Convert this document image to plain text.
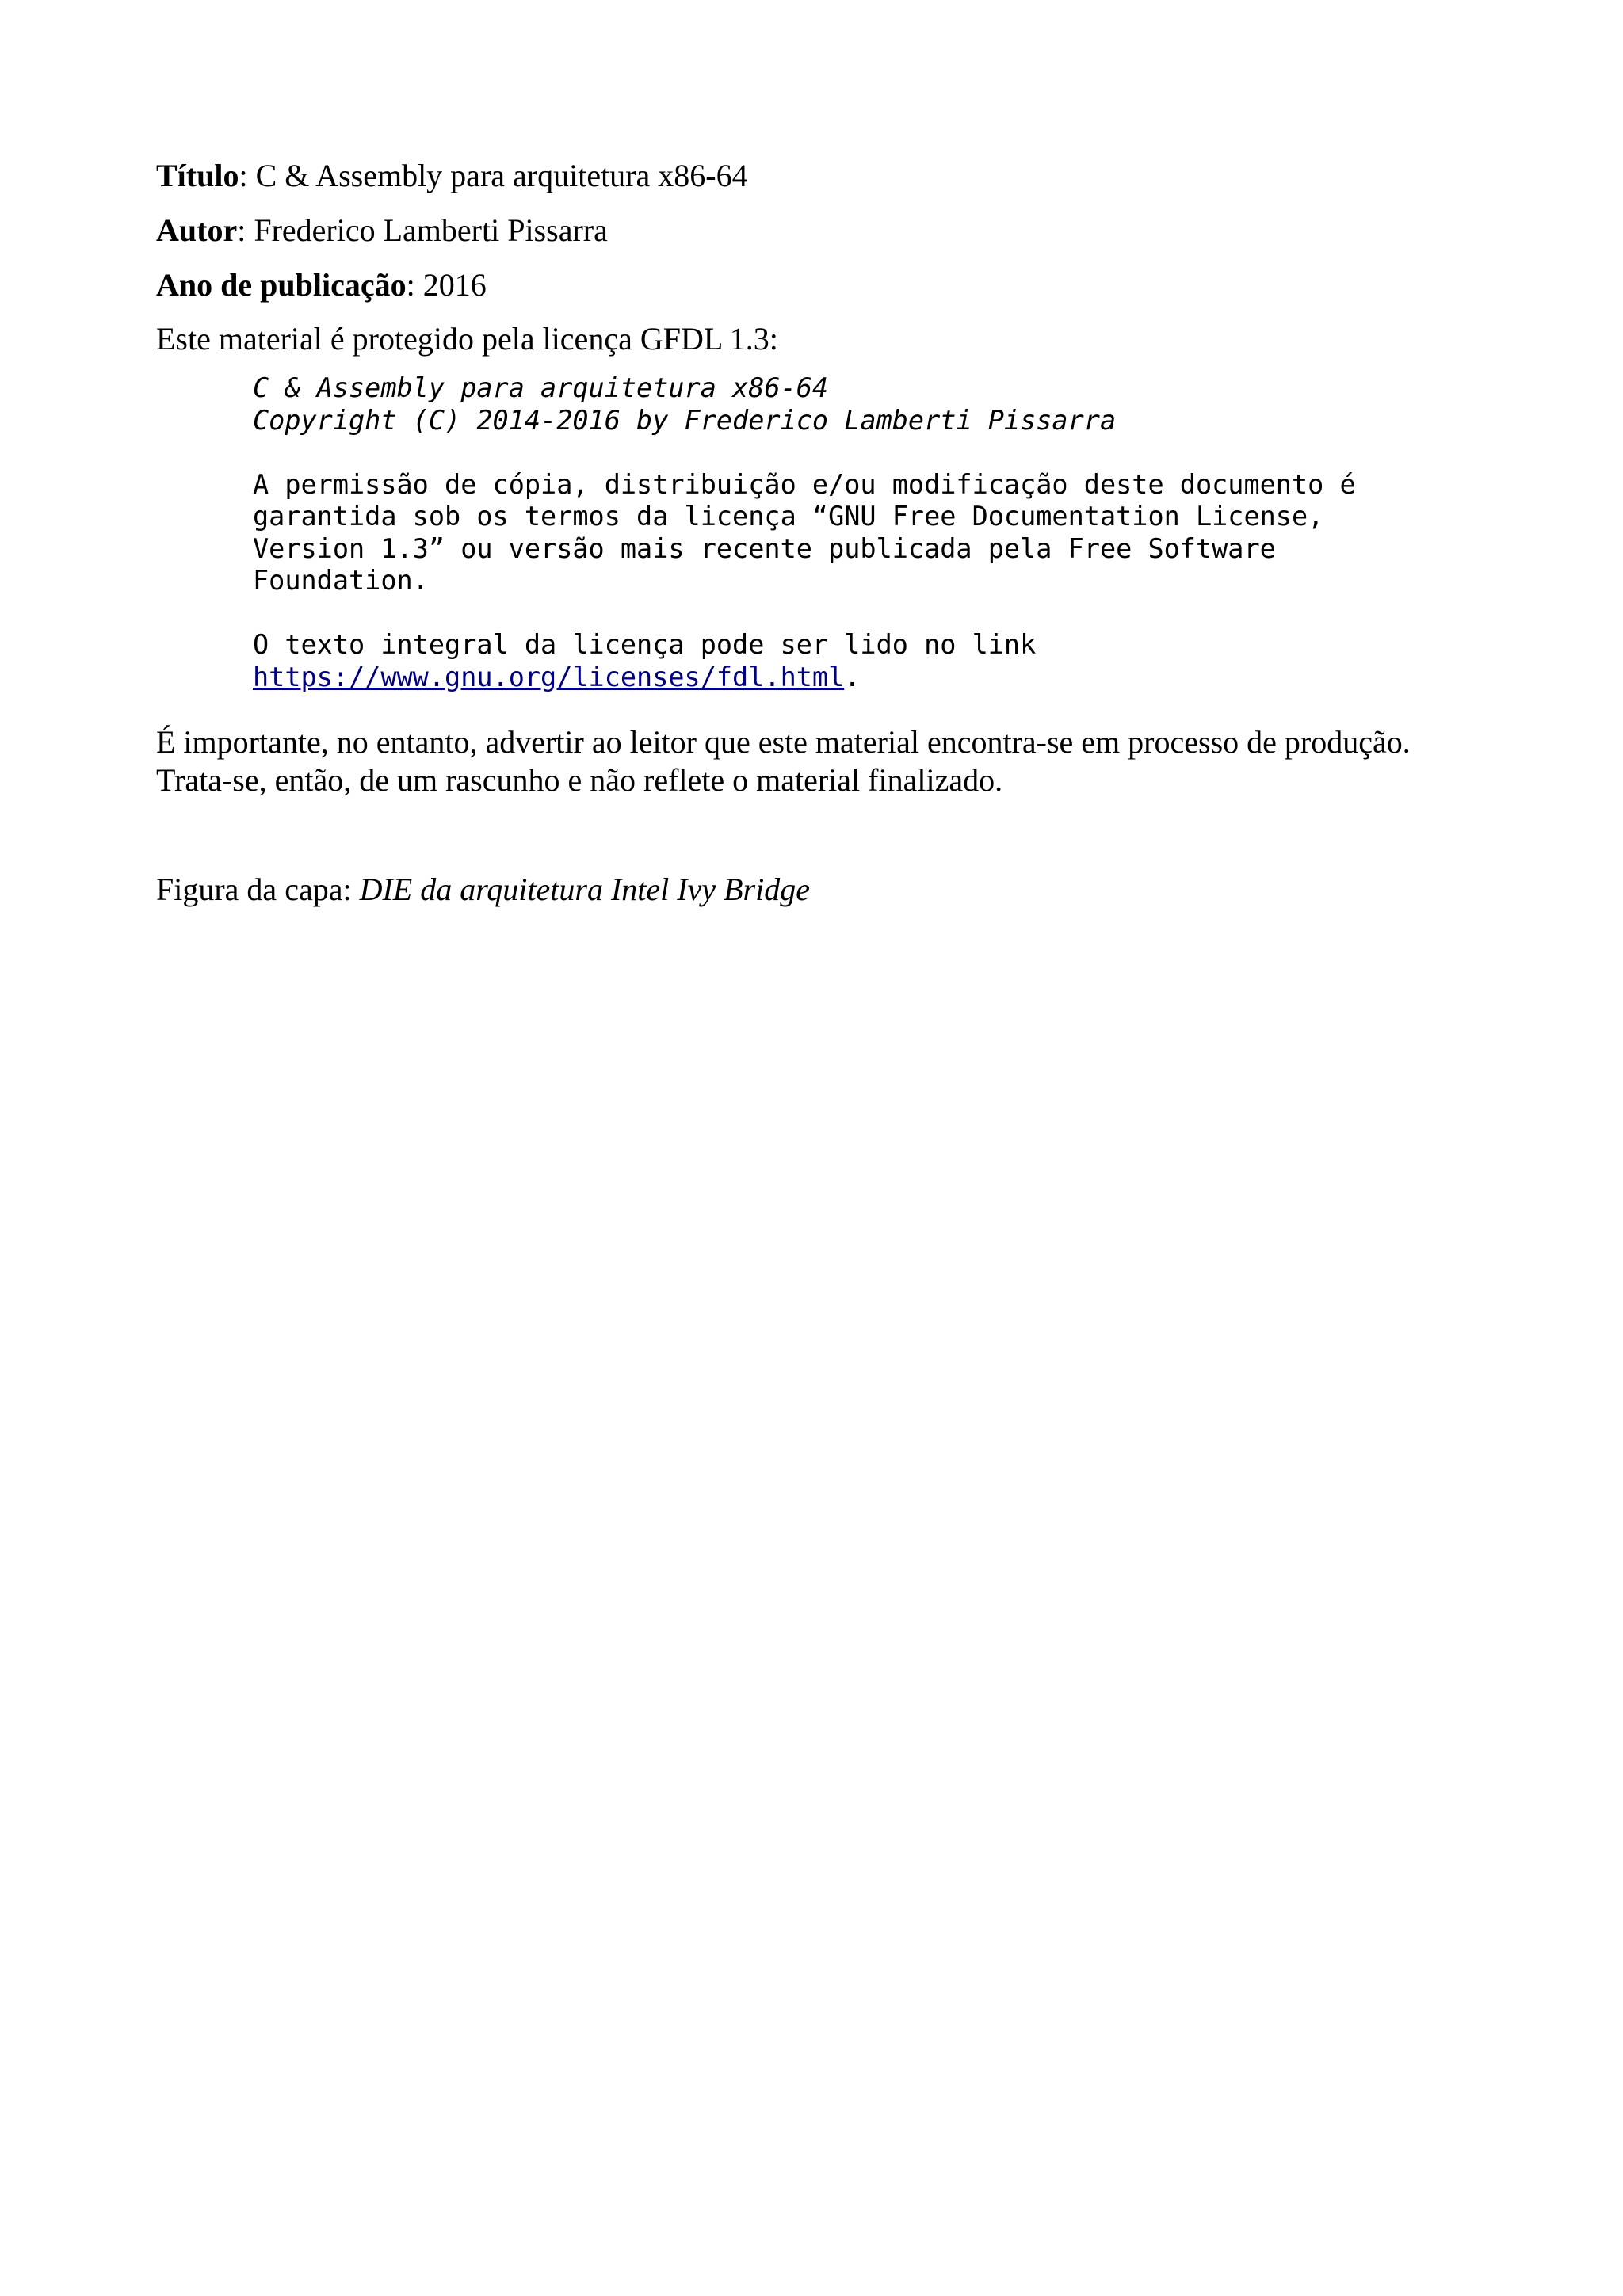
Título: C & Assembly para arquitetura x86-64
Autor: Frederico Lamberti Pissarra
Ano de publicação: 2016
Este material é protegido pela licença GFDL 1.3:
C & Assembly para arquitetura x86-64
Copyright (C) 2014-2016 by Frederico Lamberti Pissarra
A permissão de cópia, distribuição e/ou modificação deste documento é
garantida sob os termos da licença “GNU Free Documentation License,
Version 1.3” ou versão mais recente publicada pela Free Software
Foundation.
O texto integral da licença pode ser lido no link
https://www.gnu.org/licenses/fdl.html.
É importante, no entanto, advertir ao leitor que este material encontra-se em processo de produção.
Trata-se, então, de um rascunho e não reflete o material finalizado.
Figura da capa: DIE da arquitetura Intel Ivy Bridge
